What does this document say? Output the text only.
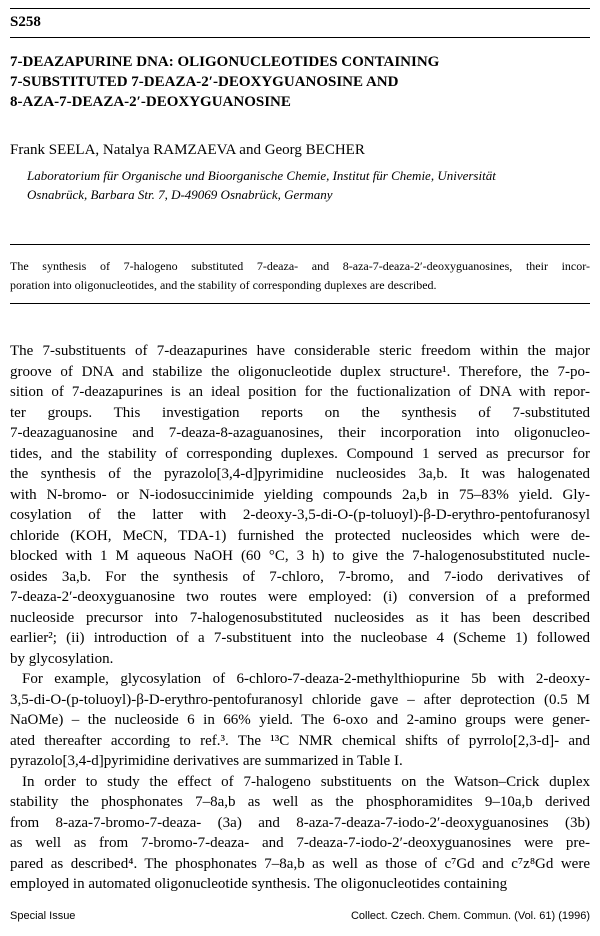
S258
7-DEAZAPURINE DNA: OLIGONUCLEOTIDES CONTAINING
7-SUBSTITUTED 7-DEAZA-2′-DEOXYGUANOSINE AND
8-AZA-7-DEAZA-2′-DEOXYGUANOSINE
Frank SEELA, Natalya RAMZAEVA and Georg BECHER
Laboratorium für Organische und Bioorganische Chemie, Institut für Chemie, Universität
Osnabrück, Barbara Str. 7, D-49069 Osnabrück, Germany
The synthesis of 7-halogeno substituted 7-deaza- and 8-aza-7-deaza-2′-deoxyguanosines, their incor-
poration into oligonucleotides, and the stability of corresponding duplexes are described.
The 7-substituents of 7-deazapurines have considerable steric freedom within the major
groove of DNA and stabilize the oligonucleotide duplex structure¹. Therefore, the 7-po-
sition of 7-deazapurines is an ideal position for the fuctionalization of DNA with repor-
ter groups. This investigation reports on the synthesis of 7-substituted
7-deazaguanosine and 7-deaza-8-azaguanosines, their incorporation into oligonucleo-
tides, and the stability of corresponding duplexes. Compound 1 served as precursor for
the synthesis of the pyrazolo[3,4-d]pyrimidine nucleosides 3a,b. It was halogenated
with N-bromo- or N-iodosuccinimide yielding compounds 2a,b in 75–83% yield. Gly-
cosylation of the latter with 2-deoxy-3,5-di-O-(p-toluoyl)-β-D-erythro-pentofuranosyl
chloride (KOH, MeCN, TDA-1) furnished the protected nucleosides which were de-
blocked with 1 M aqueous NaOH (60 °C, 3 h) to give the 7-halogenosubstituted nucle-
osides 3a,b. For the synthesis of 7-chloro, 7-bromo, and 7-iodo derivatives of
7-deaza-2′-deoxyguanosine two routes were employed: (i) conversion of a preformed
nucleoside precursor into 7-halogenosubstituted nucleosides as it has been described
earlier²; (ii) introduction of a 7-substituent into the nucleobase 4 (Scheme 1) followed
by glycosylation.
For example, glycosylation of 6-chloro-7-deaza-2-methylthiopurine 5b with 2-deoxy-
3,5-di-O-(p-toluoyl)-β-D-erythro-pentofuranosyl chloride gave – after deprotection (0.5 M
NaOMe) – the nucleoside 6 in 66% yield. The 6-oxo and 2-amino groups were gener-
ated thereafter according to ref.³. The ¹³C NMR chemical shifts of pyrrolo[2,3-d]- and
pyrazolo[3,4-d]pyrimidine derivatives are summarized in Table I.
In order to study the effect of 7-halogeno substituents on the Watson–Crick duplex
stability the phosphonates 7–8a,b as well as the phosphoramidites 9–10a,b derived
from 8-aza-7-bromo-7-deaza- (3a) and 8-aza-7-deaza-7-iodo-2′-deoxyguanosines (3b)
as well as from 7-bromo-7-deaza- and 7-deaza-7-iodo-2′-deoxyguanosines were pre-
pared as described⁴. The phosphonates 7–8a,b as well as those of c⁷Gd and c⁷z⁸Gd were
employed in automated oligonucleotide synthesis. The oligonucleotides containing
Special Issue	Collect. Czech. Chem. Commun. (Vol. 61) (1996)
